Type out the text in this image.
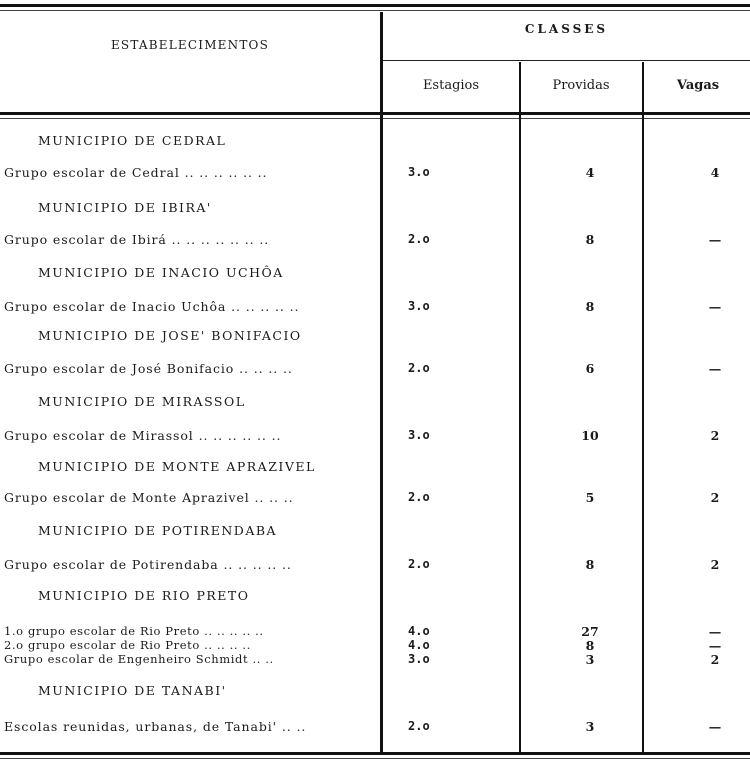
ESTABELECIMENTOS
CLASSES
Estagios	Providas	Vagas
MUNICIPIO DE CEDRAL
Grupo escolar de Cedral .. .. .. .. .. ..	3.o	4	4
MUNICIPIO DE IBIRA'
Grupo escolar de Ibirá .. .. .. .. .. .. ..	2.o	8	—
MUNICIPIO DE INACIO UCHÔA
Grupo escolar de Inacio Uchôa .. .. .. .. ..	3.o	8	—
MUNICIPIO DE JOSE' BONIFACIO
Grupo escolar de José Bonifacio .. .. .. ..	2.o	6	—
MUNICIPIO DE MIRASSOL
Grupo escolar de Mirassol .. .. .. .. .. ..	3.o	10	2
MUNICIPIO DE MONTE APRAZIVEL
Grupo escolar de Monte Aprazivel .. .. ..	2.o	5	2
MUNICIPIO DE POTIRENDABA
Grupo escolar de Potirendaba .. .. .. .. ..	2.o	8	2
MUNICIPIO DE RIO PRETO
1.o grupo escolar de Rio Preto .. .. .. .. ..	4.o	27	—
2.o grupo escolar de Rio Preto .. .. .. ..	4.o	8	—
Grupo escolar de Engenheiro Schmidt .. ..	3.o	3	2
MUNICIPIO DE TANABI'
Escolas reunidas, urbanas, de Tanabi' .. ..	2.o	3	—
